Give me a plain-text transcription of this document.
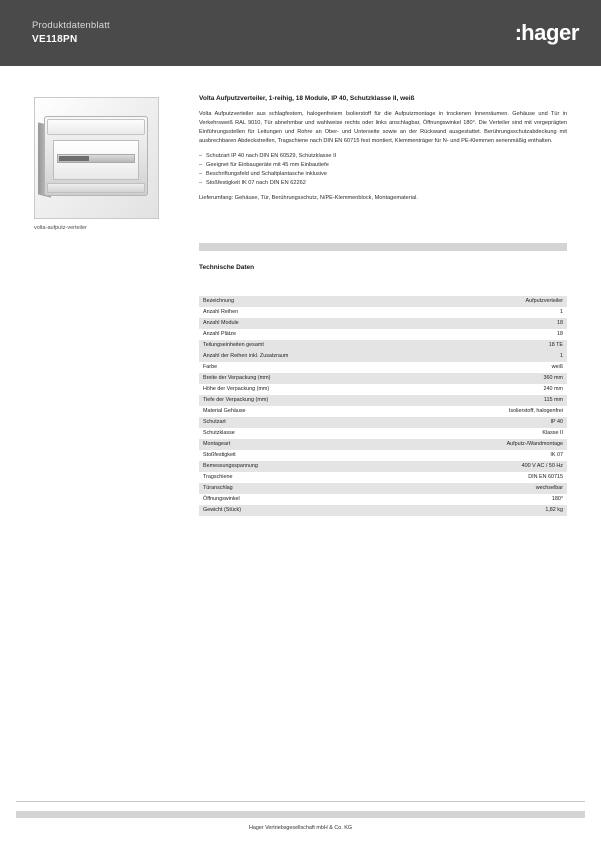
Produktdatenblatt
VE118PN	:hager
volta-aufputz-verteiler
Volta Aufputzverteiler, 1-reihig, 18 Module, IP 40, Schutzklasse II, weiß
Volta Aufputzverteiler aus schlagfestem, halogenfreiem Isolierstoff für die Aufputzmontage in trockenen Innenräumen. Gehäuse und Tür in Verkehrsweiß RAL 9010, Tür abnehmbar und wahlweise rechts oder links anschlagbar, Öffnungswinkel 180°. Die Verteiler sind mit vorgeprägten Einführungsstellen für Leitungen und Rohre an Ober- und Unterseite sowie an der Rückwand ausgestattet. Berührungsschutzabdeckung mit ausbrechbaren Abdeckstreifen, Tragschiene nach DIN EN 60715 fest montiert, Klemmenträger für N- und PE-Klemmen serienmäßig enthalten.
– Schutzart IP 40 nach DIN EN 60529, Schutzklasse II
– Geeignet für Einbaugeräte mit 45 mm Einbautiefe
– Beschriftungsfeld und Schaltplantasche inklusive
– Stoßfestigkeit IK 07 nach DIN EN 62262
Lieferumfang: Gehäuse, Tür, Berührungsschutz, N/PE-Klemmenblock, Montagematerial.
Technische Daten
Bezeichnung	Aufputzverteiler
Anzahl Reihen	1
Anzahl Module	18
Anzahl Plätze	18
Teilungseinheiten gesamt	18 TE
Anzahl der Reihen inkl. Zusatzraum	1
Farbe	weiß
Breite der Verpackung (mm)	360 mm
Höhe der Verpackung (mm)	240 mm
Tiefe der Verpackung (mm)	115 mm
Material Gehäuse	Isolierstoff, halogenfrei
Schutzart	IP 40
Schutzklasse	Klasse II
Montageart	Aufputz-/Wandmontage
Stoßfestigkeit	IK 07
Bemessungsspannung	400 V AC / 50 Hz
Tragschiene	DIN EN 60715
Türanschlag	wechselbar
Öffnungswinkel	180°
Gewicht (Stück)	1,82 kg
Hager Vertriebsgesellschaft mbH & Co. KG
